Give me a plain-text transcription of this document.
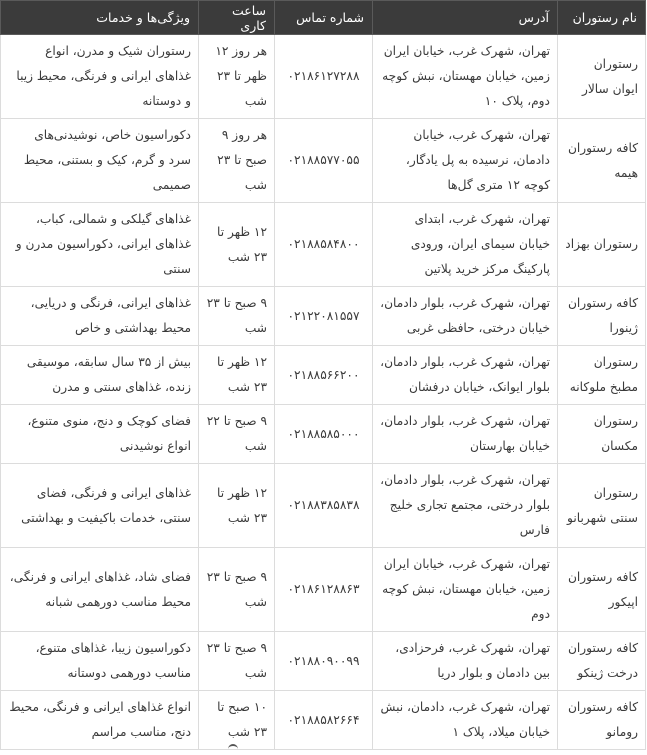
نام رستوران	آدرس	شماره تماس	ساعت کاری	ویژگی‌ها و خدمات
رستوران ایوان سالار	تهران، شهرک غرب، خیابان ایران زمین، خیابان مهستان، نبش کوچه دوم، پلاک ۱۰	۰۲۱۸۶۱۲۷۲۸۸	هر روز ۱۲ ظهر تا ۲۳ شب	رستوران شیک و مدرن، انواع غذاهای ایرانی و فرنگی، محیط زیبا و دوستانه
کافه رستوران هیمه	تهران، شهرک غرب، خیابان دادمان، نرسیده به پل یادگار، کوچه ۱۲ متری گل‌ها	۰۲۱۸۸۵۷۷۰۵۵	هر روز ۹ صبح تا ۲۳ شب	دکوراسیون خاص، نوشیدنی‌های سرد و گرم، کیک و بستنی، محیط صمیمی
رستوران بهزاد	تهران، شهرک غرب، ابتدای خیابان سیمای ایران، ورودی پارکینگ مرکز خرید پلاتین	۰۲۱۸۸۵۸۴۸۰۰	۱۲ ظهر تا ۲۳ شب	غذاهای گیلکی و شمالی، کباب، غذاهای ایرانی، دکوراسیون مدرن و سنتی
کافه رستوران ژینورا	تهران، شهرک غرب، بلوار دادمان، خیابان درختی، حافظی غربی	۰۲۱۲۲۰۸۱۵۵۷	۹ صبح تا ۲۳ شب	غذاهای ایرانی، فرنگی و دریایی، محیط بهداشتی و خاص
رستوران مطبخ ملوکانه	تهران، شهرک غرب، بلوار دادمان، بلوار ایوانک، خیابان درفشان	۰۲۱۸۸۵۶۶۲۰۰	۱۲ ظهر تا ۲۳ شب	بیش از ۳۵ سال سابقه، موسیقی زنده، غذاهای سنتی و مدرن
رستوران مکسان	تهران، شهرک غرب، بلوار دادمان، خیابان بهارستان	۰۲۱۸۸۵۸۵۰۰۰	۹ صبح تا ۲۲ شب	فضای کوچک و دنج، منوی متنوع، انواع نوشیدنی
رستوران سنتی شهربانو	تهران، شهرک غرب، بلوار دادمان، بلوار درختی، مجتمع تجاری خلیج فارس	۰۲۱۸۸۳۸۵۸۳۸	۱۲ ظهر تا ۲۳ شب	غذاهای ایرانی و فرنگی، فضای سنتی، خدمات باکیفیت و بهداشتی
کافه رستوران اپیکور	تهران، شهرک غرب، خیابان ایران زمین، خیابان مهستان، نبش کوچه دوم	۰۲۱۸۶۱۲۸۸۶۳	۹ صبح تا ۲۳ شب	فضای شاد، غذاهای ایرانی و فرنگی، محیط مناسب دورهمی شبانه
کافه رستوران درخت ژینکو	تهران، شهرک غرب، فرحزادی، بین دادمان و بلوار دریا	۰۲۱۸۸۰۹۰۰۹۹	۹ صبح تا ۲۳ شب	دکوراسیون زیبا، غذاهای متنوع، مناسب دورهمی دوستانه
کافه رستوران رومانو	تهران، شهرک غرب، دادمان، نبش خیابان میلاد، پلاک ۱	۰۲۱۸۸۵۸۲۶۶۴	۱۰ صبح تا ۲۳ شب	انواع غذاهای ایرانی و فرنگی، محیط دنج، مناسب مراسم
